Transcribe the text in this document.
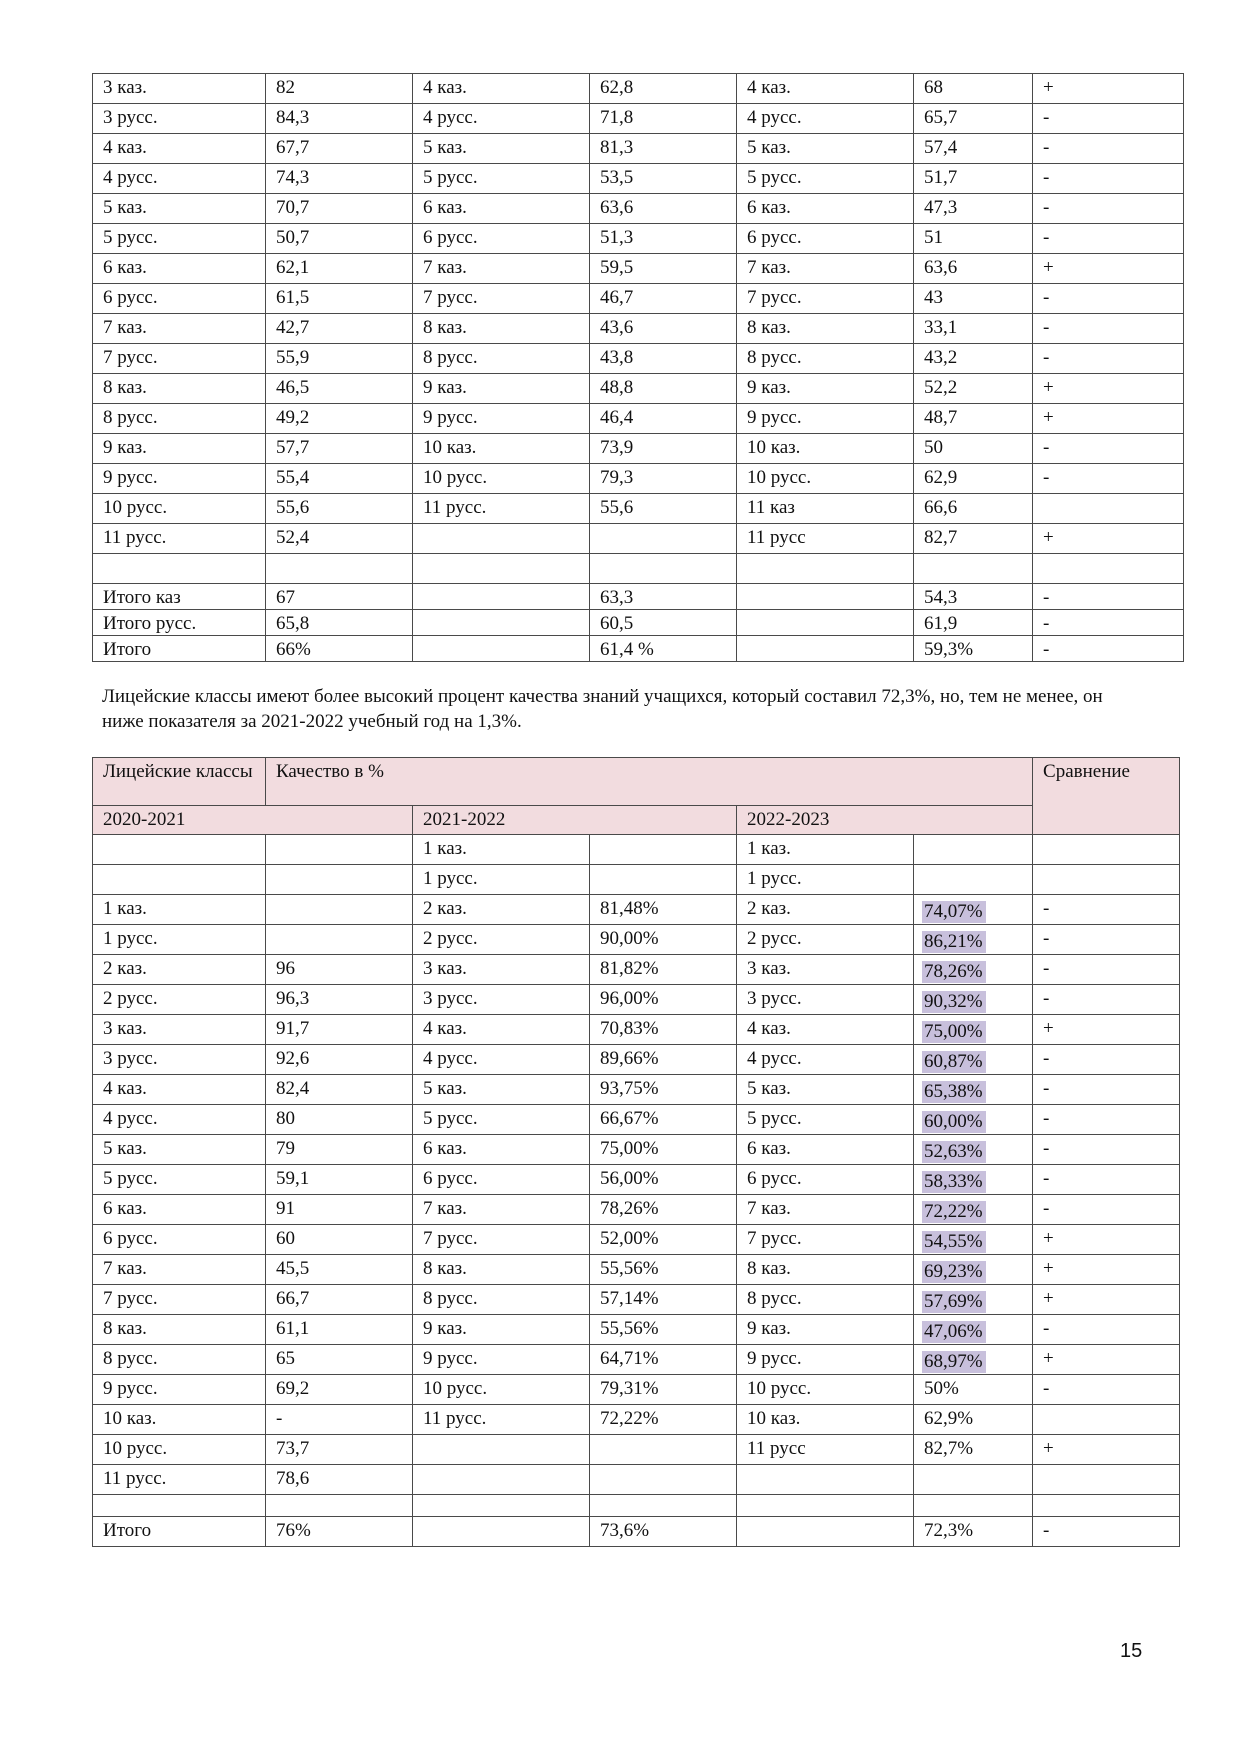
3 каз.	82	4 каз.	62,8	4 каз.	68	+
3 русс.	84,3	4 русс.	71,8	4 русс.	65,7	-
4 каз.	67,7	5 каз.	81,3	5 каз.	57,4	-
4 русс.	74,3	5 русс.	53,5	5 русс.	51,7	-
5 каз.	70,7	6 каз.	63,6	6 каз.	47,3	-
5 русс.	50,7	6 русс.	51,3	6 русс.	51	-
6 каз.	62,1	7 каз.	59,5	7 каз.	63,6	+
6 русс.	61,5	7 русс.	46,7	7 русс.	43	-
7 каз.	42,7	8 каз.	43,6	8 каз.	33,1	-
7 русс.	55,9	8 русс.	43,8	8 русс.	43,2	-
8 каз.	46,5	9 каз.	48,8	9 каз.	52,2	+
8 русс.	49,2	9 русс.	46,4	9 русс.	48,7	+
9 каз.	57,7	10 каз.	73,9	10 каз.	50	-
9 русс.	55,4	10 русс.	79,3	10 русс.	62,9	-
10 русс.	55,6	11 русс.	55,6	11 каз	66,6	
11 русс.	52,4			11 русс	82,7	+

Итого каз	67		63,3		54,3	-
Итого русс.	65,8		60,5		61,9	-
Итого	66%		61,4 %		59,3%	-
Лицейские классы имеют более высокий процент качества знаний учащихся, который составил 72,3%, но, тем не менее, он ниже показателя за 2021-2022 учебный год на 1,3%.
Лицейские классы	Качество в %					Сравнение
2020-2021		2021-2022		2022-2023		
		1 каз.		1 каз.		
		1 русс.		1 русс.		
1 каз.		2 каз.	81,48%	2 каз.	74,07%	-
1 русс.		2 русс.	90,00%	2 русс.	86,21%	-
2 каз.	96	3 каз.	81,82%	3 каз.	78,26%	-
2 русс.	96,3	3 русс.	96,00%	3 русс.	90,32%	-
3 каз.	91,7	4 каз.	70,83%	4 каз.	75,00%	+
3 русс.	92,6	4 русс.	89,66%	4 русс.	60,87%	-
4 каз.	82,4	5 каз.	93,75%	5 каз.	65,38%	-
4 русс.	80	5 русс.	66,67%	5 русс.	60,00%	-
5 каз.	79	6 каз.	75,00%	6 каз.	52,63%	-
5 русс.	59,1	6 русс.	56,00%	6 русс.	58,33%	-
6 каз.	91	7 каз.	78,26%	7 каз.	72,22%	-
6 русс.	60	7 русс.	52,00%	7 русс.	54,55%	+
7 каз.	45,5	8 каз.	55,56%	8 каз.	69,23%	+
7 русс.	66,7	8 русс.	57,14%	8 русс.	57,69%	+
8 каз.	61,1	9 каз.	55,56%	9 каз.	47,06%	-
8 русс.	65	9 русс.	64,71%	9 русс.	68,97%	+
9 русс.	69,2	10 русс.	79,31%	10 русс.	50%	-
10 каз.	-	11 русс.	72,22%	10 каз.	62,9%	
10 русс.	73,7			11 русс	82,7%	+
11 русс.	78,6					

Итого	76%		73,6%		72,3%	-
15
